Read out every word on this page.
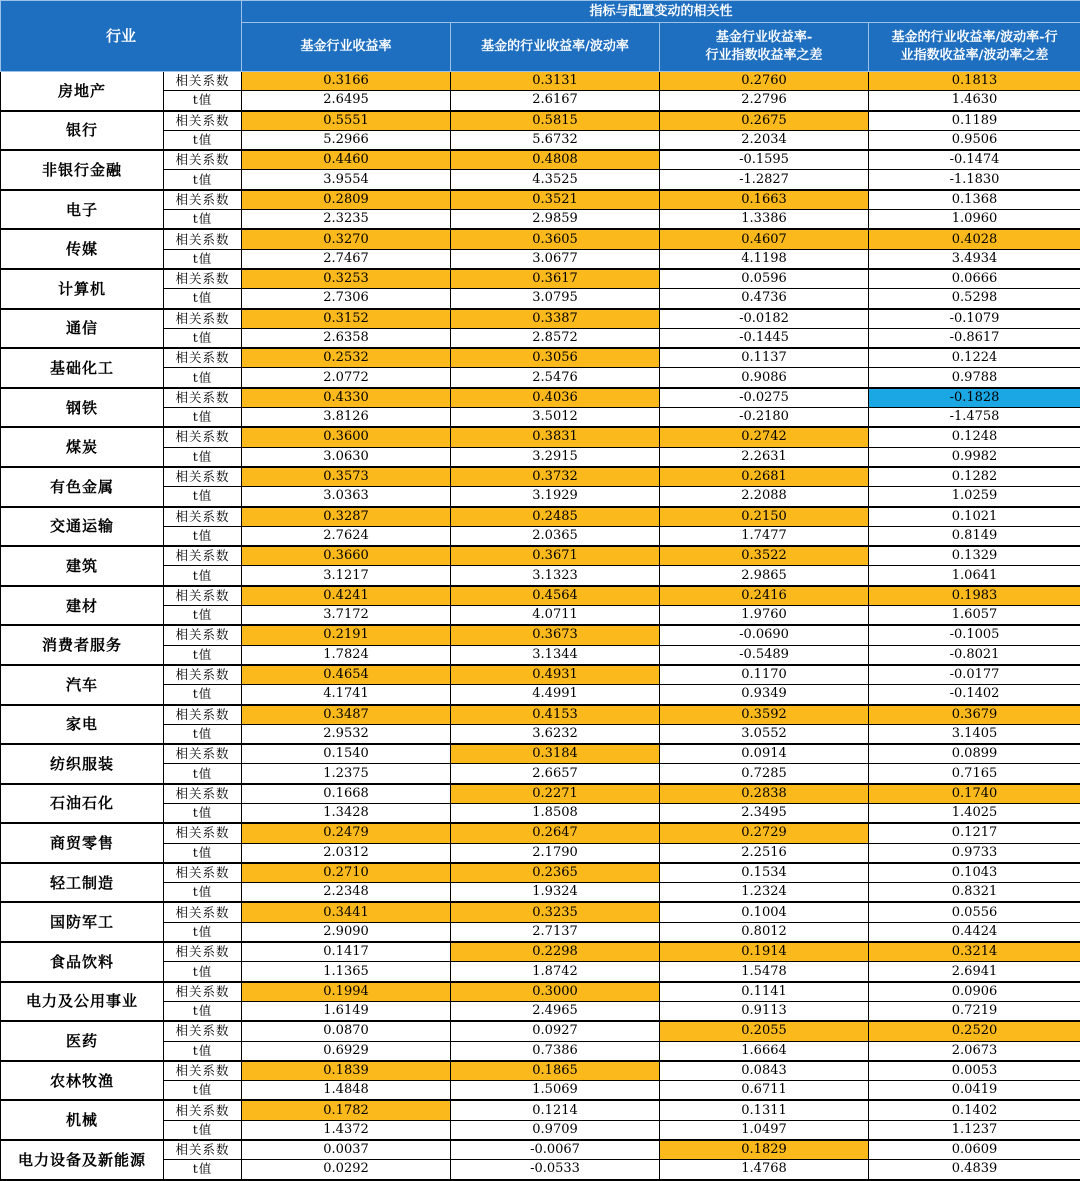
行业		指标与配置变动的相关性			
		基金行业收益率	基金的行业收益率/波动率	基金行业收益率-
行业指数收益率之差	基金的行业收益率/波动率-行
业指数收益率/波动率之差
房地产	相关系数	0.3166	0.3131	0.2760	0.1813
	t值	2.6495	2.6167	2.2796	1.4630
银行	相关系数	0.5551	0.5815	0.2675	0.1189
	t值	5.2966	5.6732	2.2034	0.9506
非银行金融	相关系数	0.4460	0.4808	-0.1595	-0.1474
	t值	3.9554	4.3525	-1.2827	-1.1830
电子	相关系数	0.2809	0.3521	0.1663	0.1368
	t值	2.3235	2.9859	1.3386	1.0960
传媒	相关系数	0.3270	0.3605	0.4607	0.4028
	t值	2.7467	3.0677	4.1198	3.4934
计算机	相关系数	0.3253	0.3617	0.0596	0.0666
	t值	2.7306	3.0795	0.4736	0.5298
通信	相关系数	0.3152	0.3387	-0.0182	-0.1079
	t值	2.6358	2.8572	-0.1445	-0.8617
基础化工	相关系数	0.2532	0.3056	0.1137	0.1224
	t值	2.0772	2.5476	0.9086	0.9788
钢铁	相关系数	0.4330	0.4036	-0.0275	-0.1828
	t值	3.8126	3.5012	-0.2180	-1.4758
煤炭	相关系数	0.3600	0.3831	0.2742	0.1248
	t值	3.0630	3.2915	2.2631	0.9982
有色金属	相关系数	0.3573	0.3732	0.2681	0.1282
	t值	3.0363	3.1929	2.2088	1.0259
交通运输	相关系数	0.3287	0.2485	0.2150	0.1021
	t值	2.7624	2.0365	1.7477	0.8149
建筑	相关系数	0.3660	0.3671	0.3522	0.1329
	t值	3.1217	3.1323	2.9865	1.0641
建材	相关系数	0.4241	0.4564	0.2416	0.1983
	t值	3.7172	4.0711	1.9760	1.6057
消费者服务	相关系数	0.2191	0.3673	-0.0690	-0.1005
	t值	1.7824	3.1344	-0.5489	-0.8021
汽车	相关系数	0.4654	0.4931	0.1170	-0.0177
	t值	4.1741	4.4991	0.9349	-0.1402
家电	相关系数	0.3487	0.4153	0.3592	0.3679
	t值	2.9532	3.6232	3.0552	3.1405
纺织服装	相关系数	0.1540	0.3184	0.0914	0.0899
	t值	1.2375	2.6657	0.7285	0.7165
石油石化	相关系数	0.1668	0.2271	0.2838	0.1740
	t值	1.3428	1.8508	2.3495	1.4025
商贸零售	相关系数	0.2479	0.2647	0.2729	0.1217
	t值	2.0312	2.1790	2.2516	0.9733
轻工制造	相关系数	0.2710	0.2365	0.1534	0.1043
	t值	2.2348	1.9324	1.2324	0.8321
国防军工	相关系数	0.3441	0.3235	0.1004	0.0556
	t值	2.9090	2.7137	0.8012	0.4424
食品饮料	相关系数	0.1417	0.2298	0.1914	0.3214
	t值	1.1365	1.8742	1.5478	2.6941
电力及公用事业	相关系数	0.1994	0.3000	0.1141	0.0906
	t值	1.6149	2.4965	0.9113	0.7219
医药	相关系数	0.0870	0.0927	0.2055	0.2520
	t值	0.6929	0.7386	1.6664	2.0673
农林牧渔	相关系数	0.1839	0.1865	0.0843	0.0053
	t值	1.4848	1.5069	0.6711	0.0419
机械	相关系数	0.1782	0.1214	0.1311	0.1402
	t值	1.4372	0.9709	1.0497	1.1237
电力设备及新能源	相关系数	0.0037	-0.0067	0.1829	0.0609
	t值	0.0292	-0.0533	1.4768	0.4839
